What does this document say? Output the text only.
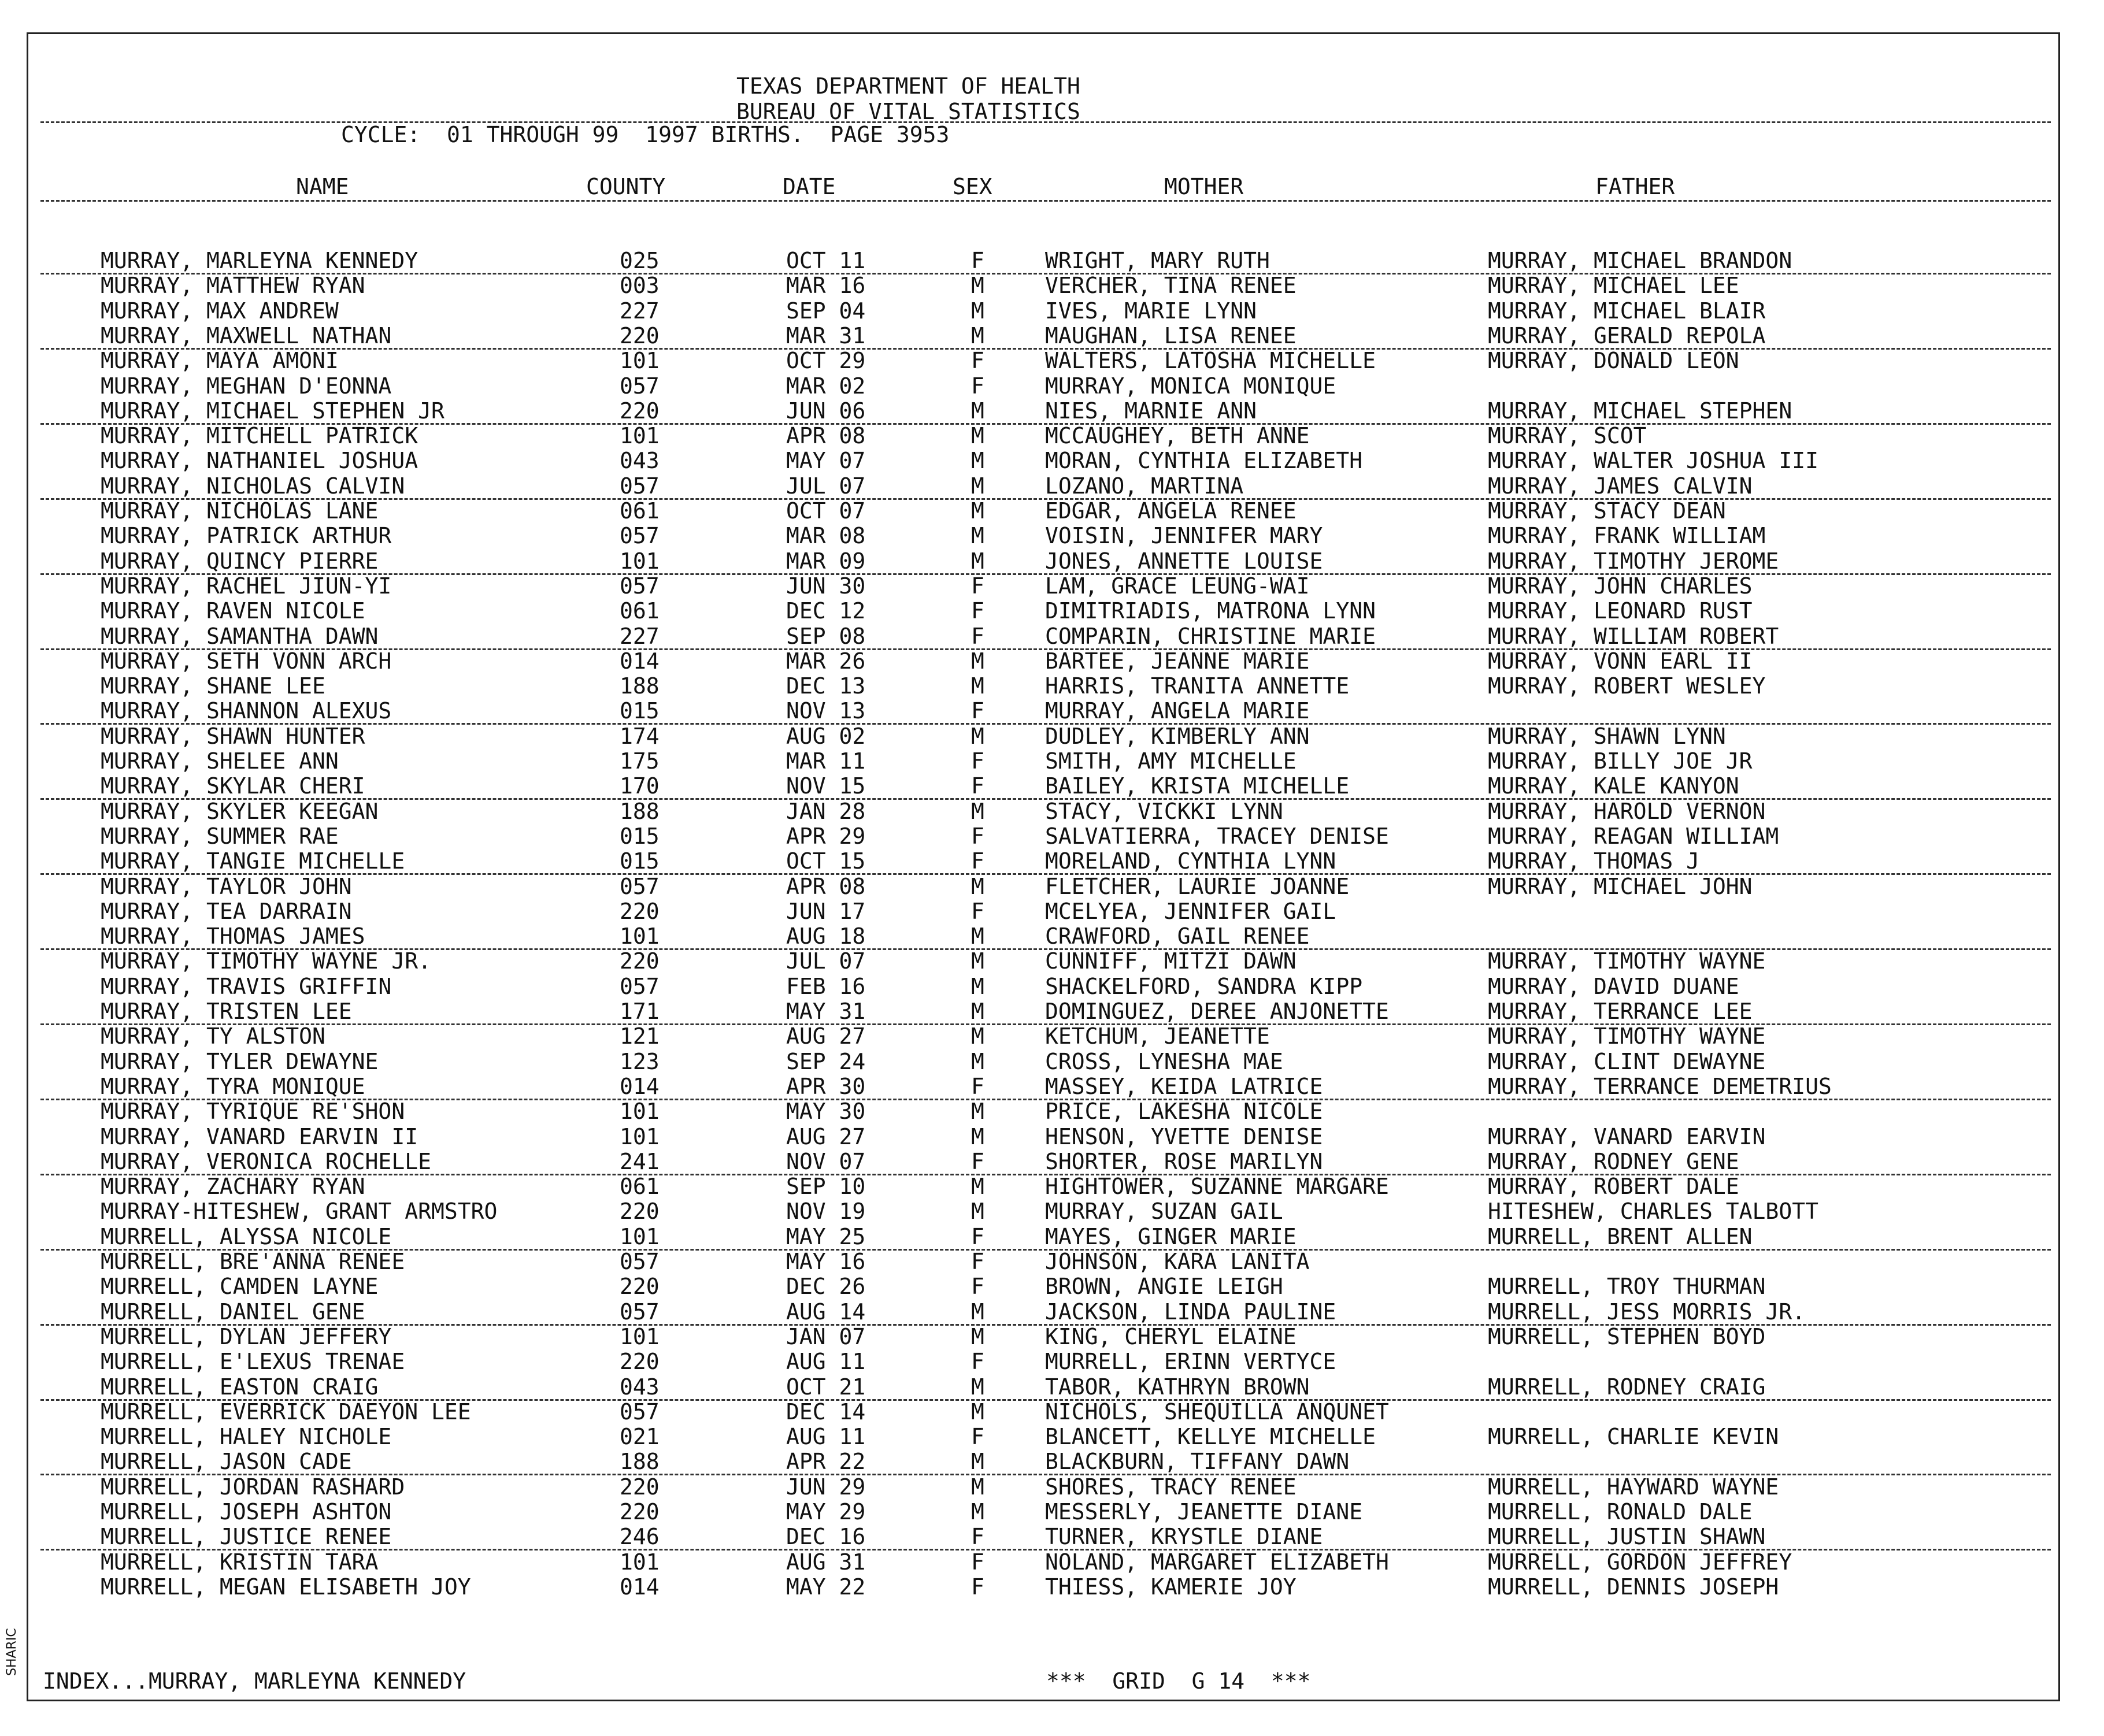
TEXAS DEPARTMENT OF HEALTH
BUREAU OF VITAL STATISTICS
CYCLE:  01 THROUGH 99  1997 BIRTHS.  PAGE 3953
NAME	COUNTY	DATE	SEX	MOTHER	FATHER
MURRAY, MARLEYNA KENNEDY	025	OCT 11	F	WRIGHT, MARY RUTH	MURRAY, MICHAEL BRANDON
MURRAY, MATTHEW RYAN	003	MAR 16	M	VERCHER, TINA RENEE	MURRAY, MICHAEL LEE
MURRAY, MAX ANDREW	227	SEP 04	M	IVES, MARIE LYNN	MURRAY, MICHAEL BLAIR
MURRAY, MAXWELL NATHAN	220	MAR 31	M	MAUGHAN, LISA RENEE	MURRAY, GERALD REPOLA
MURRAY, MAYA AMONI	101	OCT 29	F	WALTERS, LATOSHA MICHELLE	MURRAY, DONALD LEON
MURRAY, MEGHAN D'EONNA	057	MAR 02	F	MURRAY, MONICA MONIQUE
MURRAY, MICHAEL STEPHEN JR	220	JUN 06	M	NIES, MARNIE ANN	MURRAY, MICHAEL STEPHEN
MURRAY, MITCHELL PATRICK	101	APR 08	M	MCCAUGHEY, BETH ANNE	MURRAY, SCOT
MURRAY, NATHANIEL JOSHUA	043	MAY 07	M	MORAN, CYNTHIA ELIZABETH	MURRAY, WALTER JOSHUA III
MURRAY, NICHOLAS CALVIN	057	JUL 07	M	LOZANO, MARTINA	MURRAY, JAMES CALVIN
MURRAY, NICHOLAS LANE	061	OCT 07	M	EDGAR, ANGELA RENEE	MURRAY, STACY DEAN
MURRAY, PATRICK ARTHUR	057	MAR 08	M	VOISIN, JENNIFER MARY	MURRAY, FRANK WILLIAM
MURRAY, QUINCY PIERRE	101	MAR 09	M	JONES, ANNETTE LOUISE	MURRAY, TIMOTHY JEROME
MURRAY, RACHEL JIUN-YI	057	JUN 30	F	LAM, GRACE LEUNG-WAI	MURRAY, JOHN CHARLES
MURRAY, RAVEN NICOLE	061	DEC 12	F	DIMITRIADIS, MATRONA LYNN	MURRAY, LEONARD RUST
MURRAY, SAMANTHA DAWN	227	SEP 08	F	COMPARIN, CHRISTINE MARIE	MURRAY, WILLIAM ROBERT
MURRAY, SETH VONN ARCH	014	MAR 26	M	BARTEE, JEANNE MARIE	MURRAY, VONN EARL II
MURRAY, SHANE LEE	188	DEC 13	M	HARRIS, TRANITA ANNETTE	MURRAY, ROBERT WESLEY
MURRAY, SHANNON ALEXUS	015	NOV 13	F	MURRAY, ANGELA MARIE
MURRAY, SHAWN HUNTER	174	AUG 02	M	DUDLEY, KIMBERLY ANN	MURRAY, SHAWN LYNN
MURRAY, SHELEE ANN	175	MAR 11	F	SMITH, AMY MICHELLE	MURRAY, BILLY JOE JR
MURRAY, SKYLAR CHERI	170	NOV 15	F	BAILEY, KRISTA MICHELLE	MURRAY, KALE KANYON
MURRAY, SKYLER KEEGAN	188	JAN 28	M	STACY, VICKKI LYNN	MURRAY, HAROLD VERNON
MURRAY, SUMMER RAE	015	APR 29	F	SALVATIERRA, TRACEY DENISE	MURRAY, REAGAN WILLIAM
MURRAY, TANGIE MICHELLE	015	OCT 15	F	MORELAND, CYNTHIA LYNN	MURRAY, THOMAS J
MURRAY, TAYLOR JOHN	057	APR 08	M	FLETCHER, LAURIE JOANNE	MURRAY, MICHAEL JOHN
MURRAY, TEA DARRAIN	220	JUN 17	F	MCELYEA, JENNIFER GAIL
MURRAY, THOMAS JAMES	101	AUG 18	M	CRAWFORD, GAIL RENEE
MURRAY, TIMOTHY WAYNE JR.	220	JUL 07	M	CUNNIFF, MITZI DAWN	MURRAY, TIMOTHY WAYNE
MURRAY, TRAVIS GRIFFIN	057	FEB 16	M	SHACKELFORD, SANDRA KIPP	MURRAY, DAVID DUANE
MURRAY, TRISTEN LEE	171	MAY 31	M	DOMINGUEZ, DEREE ANJONETTE	MURRAY, TERRANCE LEE
MURRAY, TY ALSTON	121	AUG 27	M	KETCHUM, JEANETTE	MURRAY, TIMOTHY WAYNE
MURRAY, TYLER DEWAYNE	123	SEP 24	M	CROSS, LYNESHA MAE	MURRAY, CLINT DEWAYNE
MURRAY, TYRA MONIQUE	014	APR 30	F	MASSEY, KEIDA LATRICE	MURRAY, TERRANCE DEMETRIUS
MURRAY, TYRIQUE RE'SHON	101	MAY 30	M	PRICE, LAKESHA NICOLE
MURRAY, VANARD EARVIN II	101	AUG 27	M	HENSON, YVETTE DENISE	MURRAY, VANARD EARVIN
MURRAY, VERONICA ROCHELLE	241	NOV 07	F	SHORTER, ROSE MARILYN	MURRAY, RODNEY GENE
MURRAY, ZACHARY RYAN	061	SEP 10	M	HIGHTOWER, SUZANNE MARGARE	MURRAY, ROBERT DALE
MURRAY-HITESHEW, GRANT ARMSTRO	220	NOV 19	M	MURRAY, SUZAN GAIL	HITESHEW, CHARLES TALBOTT
MURRELL, ALYSSA NICOLE	101	MAY 25	F	MAYES, GINGER MARIE	MURRELL, BRENT ALLEN
MURRELL, BRE'ANNA RENEE	057	MAY 16	F	JOHNSON, KARA LANITA
MURRELL, CAMDEN LAYNE	220	DEC 26	F	BROWN, ANGIE LEIGH	MURRELL, TROY THURMAN
MURRELL, DANIEL GENE	057	AUG 14	M	JACKSON, LINDA PAULINE	MURRELL, JESS MORRIS JR.
MURRELL, DYLAN JEFFERY	101	JAN 07	M	KING, CHERYL ELAINE	MURRELL, STEPHEN BOYD
MURRELL, E'LEXUS TRENAE	220	AUG 11	F	MURRELL, ERINN VERTYCE
MURRELL, EASTON CRAIG	043	OCT 21	M	TABOR, KATHRYN BROWN	MURRELL, RODNEY CRAIG
MURRELL, EVERRICK DAEYON LEE	057	DEC 14	M	NICHOLS, SHEQUILLA ANQUNET
MURRELL, HALEY NICHOLE	021	AUG 11	F	BLANCETT, KELLYE MICHELLE	MURRELL, CHARLIE KEVIN
MURRELL, JASON CADE	188	APR 22	M	BLACKBURN, TIFFANY DAWN
MURRELL, JORDAN RASHARD	220	JUN 29	M	SHORES, TRACY RENEE	MURRELL, HAYWARD WAYNE
MURRELL, JOSEPH ASHTON	220	MAY 29	M	MESSERLY, JEANETTE DIANE	MURRELL, RONALD DALE
MURRELL, JUSTICE RENEE	246	DEC 16	F	TURNER, KRYSTLE DIANE	MURRELL, JUSTIN SHAWN
MURRELL, KRISTIN TARA	101	AUG 31	F	NOLAND, MARGARET ELIZABETH	MURRELL, GORDON JEFFREY
MURRELL, MEGAN ELISABETH JOY	014	MAY 22	F	THIESS, KAMERIE JOY	MURRELL, DENNIS JOSEPH
INDEX...MURRAY, MARLEYNA KENNEDY	***  GRID  G 14  ***
SHARIC
